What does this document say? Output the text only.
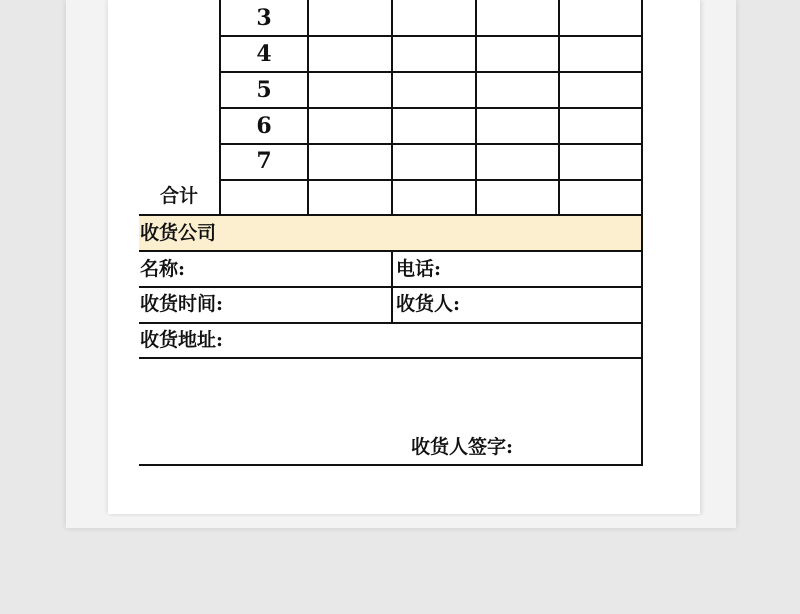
3
4
5
6
7
合计
收货公司
名称:	电话:
收货时间:	收货人:
收货地址:
收货人签字:
